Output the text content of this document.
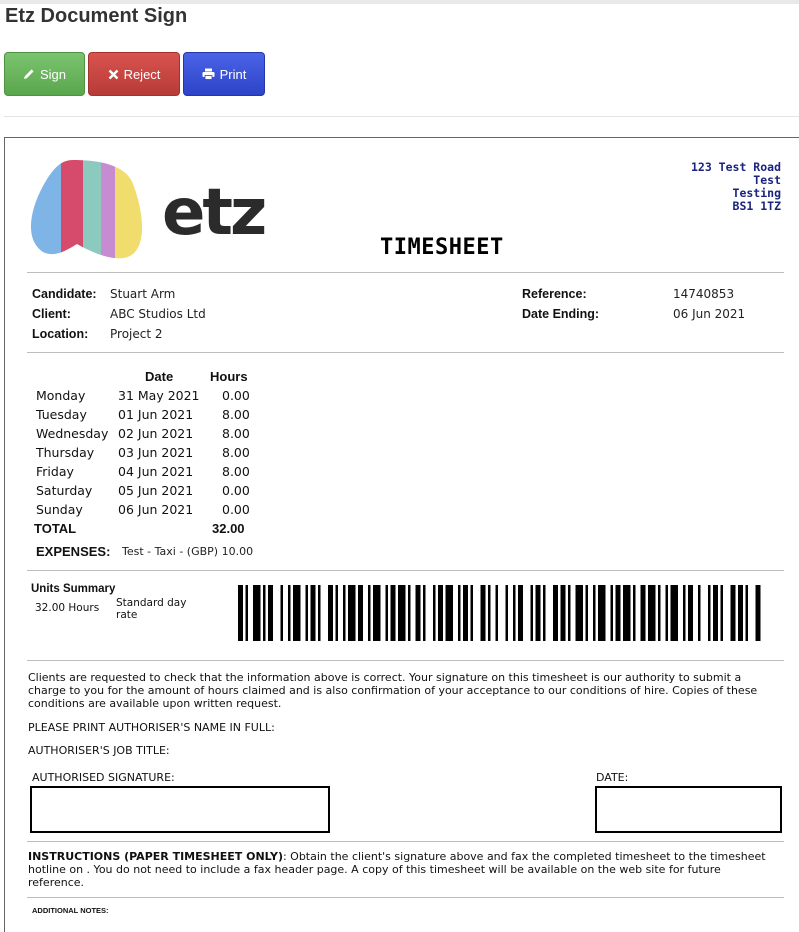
Etz Document Sign
Sign	Reject	Print
etz
123 Test Road
Test
Testing
BS1 1TZ
TIMESHEET
Candidate: Stuart Arm
Client:	ABC Studios Ltd
Location: Project 2
Reference:	14740853
Date Ending:	06 Jun 2021
Date	Hours
Monday	31 May 2021 0.00
Tuesday 01 Jun 2021 8.00
Wednesday 02 Jun 2021 8.00
Thursday 03 Jun 2021 8.00
Friday	04 Jun 2021 8.00
Saturday 05 Jun 2021 0.00
Sunday	06 Jun 2021 0.00
TOTAL	32.00
EXPENSES: Test - Taxi - (GBP) 10.00
Units Summary
32.00 Hours Standard day rate
Clients are requested to check that the information above is correct. Your signature on this timesheet is our authority to submit a charge to you for the amount of hours claimed and is also confirmation of your acceptance to our conditions of hire. Copies of these conditions are available upon written request.
PLEASE PRINT AUTHORISER'S NAME IN FULL:
AUTHORISER'S JOB TITLE:
AUTHORISED SIGNATURE:	DATE:
INSTRUCTIONS (PAPER TIMESHEET ONLY): Obtain the client's signature above and fax the completed timesheet to the timesheet hotline on . You do not need to include a fax header page. A copy of this timesheet will be available on the web site for future reference.
ADDITIONAL NOTES:
